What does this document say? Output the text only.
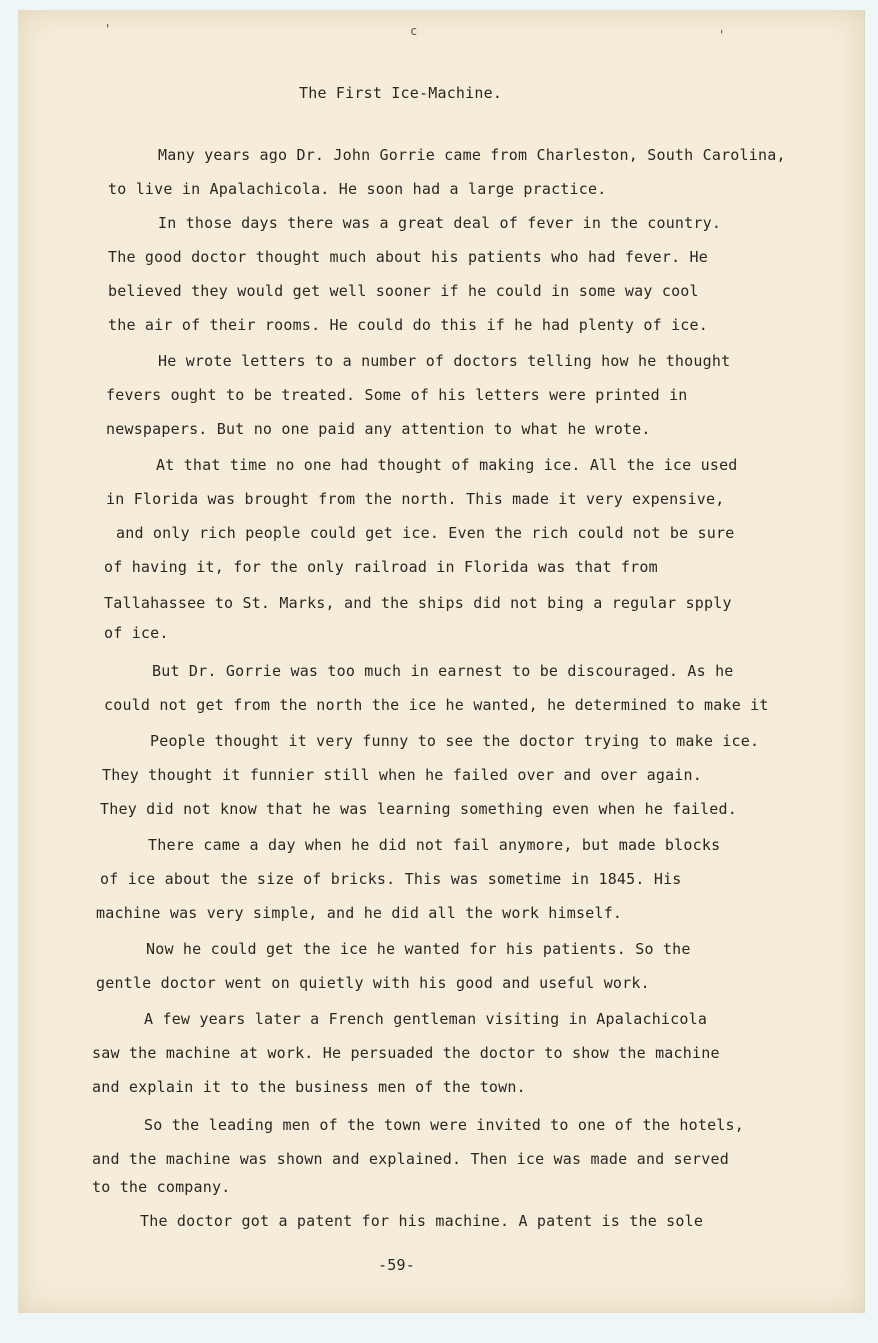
c
'	'
The First Ice-Machine.
Many years ago Dr. John Gorrie came from Charleston, South Carolina,
to live in Apalachicola. He soon had a large practice.
In those days there was a great deal of fever in the country.
The good doctor thought much about his patients who had fever. He
believed they would get well sooner if he could in some way cool
the air of their rooms. He could do this if he had plenty of ice.
He wrote letters to a number of doctors telling how he thought
fevers ought to be treated. Some of his letters were printed in
newspapers. But no one paid any attention to what he wrote.
At that time no one had thought of making ice. All the ice used
in Florida was brought from the north. This made it very expensive,
and only rich people could get ice. Even the rich could not be sure
of having it, for the only railroad in Florida was that from
Tallahassee to St. Marks, and the ships did not bing a regular spply
of ice.
But Dr. Gorrie was too much in earnest to be discouraged. As he
could not get from the north the ice he wanted, he determined to make it
People thought it very funny to see the doctor trying to make ice.
They thought it funnier still when he failed over and over again.
They did not know that he was learning something even when he failed.
There came a day when he did not fail anymore, but made blocks
of ice about the size of bricks. This was sometime in 1845. His
machine was very simple, and he did all the work himself.
Now he could get the ice he wanted for his patients. So the
gentle doctor went on quietly with his good and useful work.
A few years later a French gentleman visiting in Apalachicola
saw the machine at work. He persuaded the doctor to show the machine
and explain it to the business men of the town.
So the leading men of the town were invited to one of the hotels,
and the machine was shown and explained. Then ice was made and served
to the company.
The doctor got a patent for his machine. A patent is the sole
-59-
